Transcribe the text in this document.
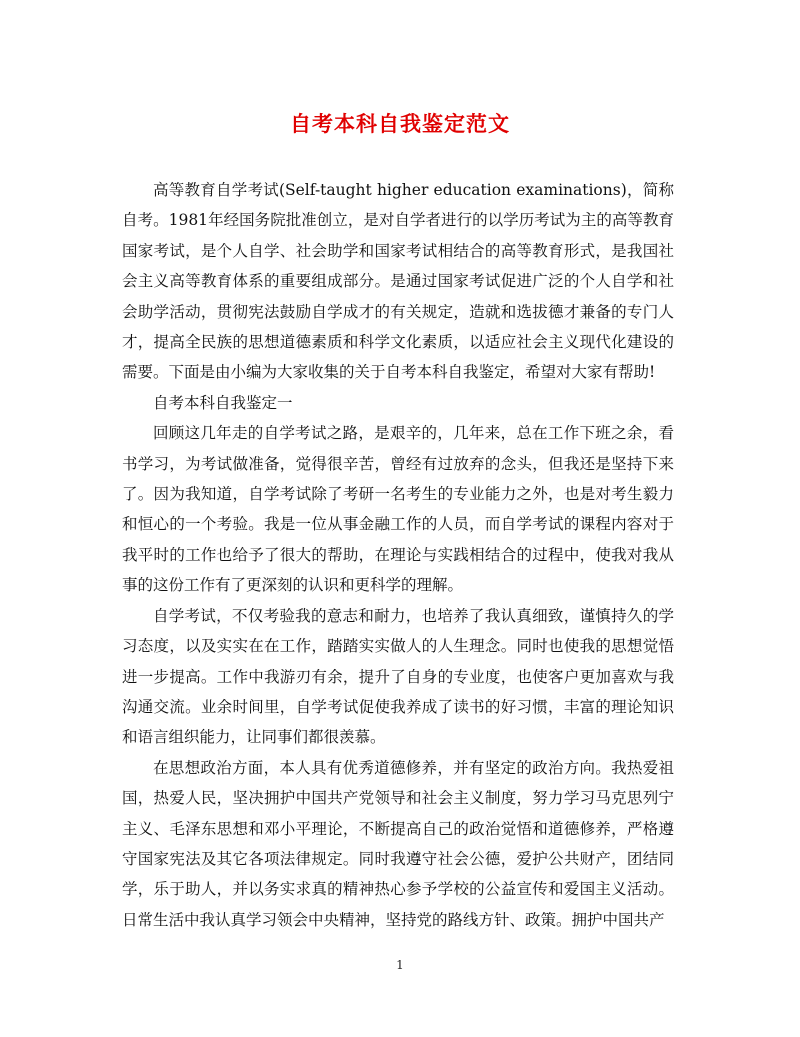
自考本科自我鉴定范文

高等教育自学考试(Self-taught higher education examinations)，简称自考。1981年经国务院批准创立，是对自学者进行的以学历考试为主的高等教育国家考试，是个人自学、社会助学和国家考试相结合的高等教育形式，是我国社会主义高等教育体系的重要组成部分。是通过国家考试促进广泛的个人自学和社会助学活动，贯彻宪法鼓励自学成才的有关规定，造就和选拔德才兼备的专门人才，提高全民族的思想道德素质和科学文化素质，以适应社会主义现代化建设的需要。下面是由小编为大家收集的关于自考本科自我鉴定，希望对大家有帮助!

自考本科自我鉴定一

回顾这几年走的自学考试之路，是艰辛的，几年来，总在工作下班之余，看书学习，为考试做准备，觉得很辛苦，曾经有过放弃的念头，但我还是坚持下来了。因为我知道，自学考试除了考研一名考生的专业能力之外，也是对考生毅力和恒心的一个考验。我是一位从事金融工作的人员，而自学考试的课程内容对于我平时的工作也给予了很大的帮助，在理论与实践相结合的过程中，使我对我从事的这份工作有了更深刻的认识和更科学的理解。

自学考试，不仅考验我的意志和耐力，也培养了我认真细致，谨慎持久的学习态度，以及实实在在工作，踏踏实实做人的人生理念。同时也使我的思想觉悟进一步提高。工作中我游刃有余，提升了自身的专业度，也使客户更加喜欢与我沟通交流。业余时间里，自学考试促使我养成了读书的好习惯，丰富的理论知识和语言组织能力，让同事们都很羡慕。

在思想政治方面，本人具有优秀道德修养，并有坚定的政治方向。我热爱祖国，热爱人民，坚决拥护中国共产党领导和社会主义制度，努力学习马克思列宁主义、毛泽东思想和邓小平理论，不断提高自己的政治觉悟和道德修养，严格遵守国家宪法及其它各项法律规定。同时我遵守社会公德，爱护公共财产，团结同学，乐于助人，并以务实求真的精神热心参予学校的公益宣传和爱国主义活动。日常生活中我认真学习领会中央精神，坚持党的路线方针、政策。拥护中国共产

1
